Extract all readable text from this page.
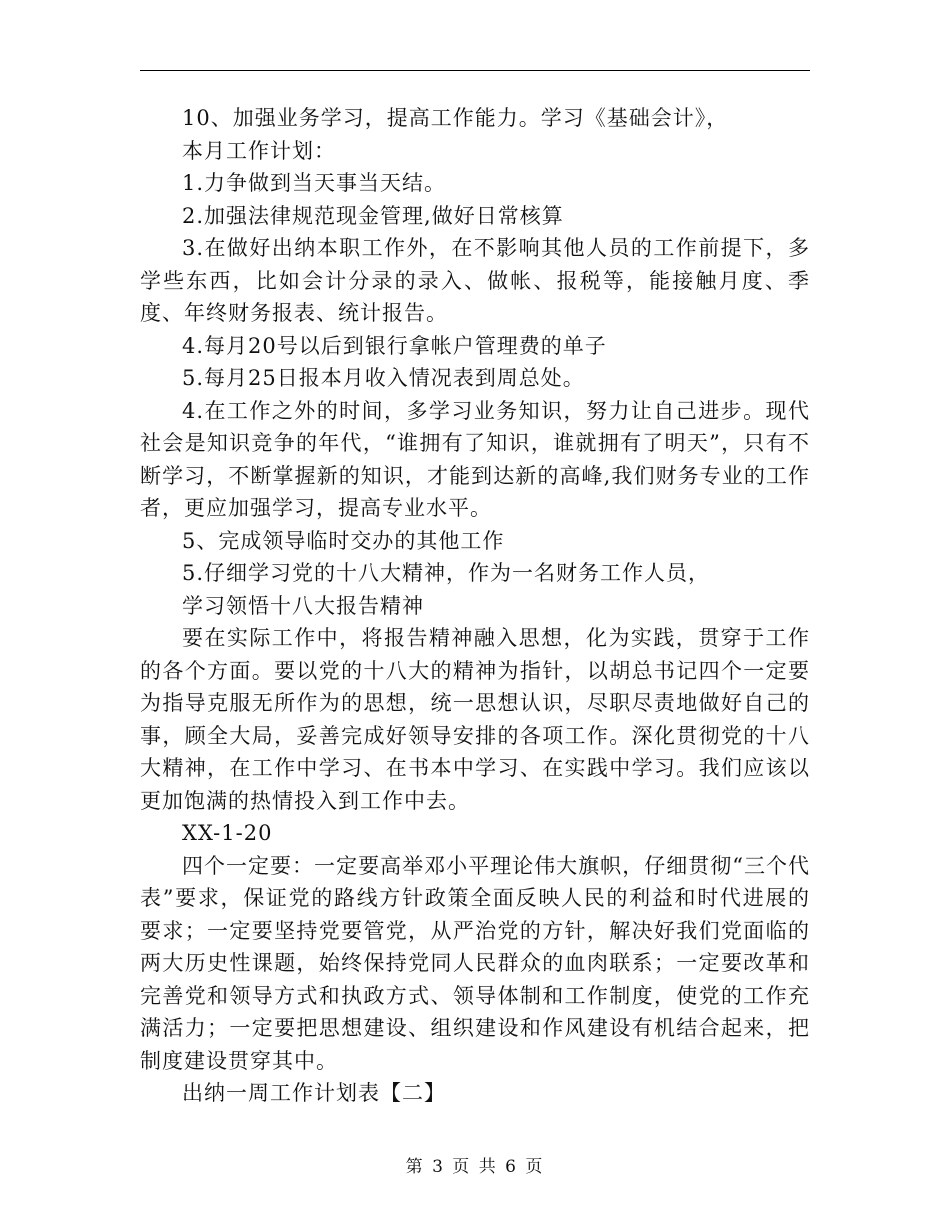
10、加强业务学习，提高工作能力。学习《基础会计》，

本月工作计划：

1.力争做到当天事当天结。

2.加强法律规范现金管理,做好日常核算

3.在做好出纳本职工作外，在不影响其他人员的工作前提下，多学些东西，比如会计分录的录入、做帐、报税等，能接触月度、季度、年终财务报表、统计报告。

4.每月20号以后到银行拿帐户管理费的单子

5.每月25日报本月收入情况表到周总处。

4.在工作之外的时间，多学习业务知识，努力让自己进步。现代社会是知识竞争的年代，“谁拥有了知识，谁就拥有了明天”，只有不断学习，不断掌握新的知识，才能到达新的高峰,我们财务专业的工作者，更应加强学习，提高专业水平。

5、完成领导临时交办的其他工作

5.仔细学习党的十八大精神，作为一名财务工作人员，

学习领悟十八大报告精神

要在实际工作中，将报告精神融入思想，化为实践，贯穿于工作的各个方面。要以党的十八大的精神为指针，以胡总书记四个一定要为指导克服无所作为的思想，统一思想认识，尽职尽责地做好自己的事，顾全大局，妥善完成好领导安排的各项工作。深化贯彻党的十八大精神，在工作中学习、在书本中学习、在实践中学习。我们应该以更加饱满的热情投入到工作中去。

XX-1-20

四个一定要：一定要高举邓小平理论伟大旗帜，仔细贯彻“三个代表”要求，保证党的路线方针政策全面反映人民的利益和时代进展的要求；一定要坚持党要管党，从严治党的方针，解决好我们党面临的两大历史性课题，始终保持党同人民群众的血肉联系；一定要改革和完善党和领导方式和执政方式、领导体制和工作制度，使党的工作充满活力；一定要把思想建设、组织建设和作风建设有机结合起来，把制度建设贯穿其中。

出纳一周工作计划表【二】

第 3 页 共 6 页
